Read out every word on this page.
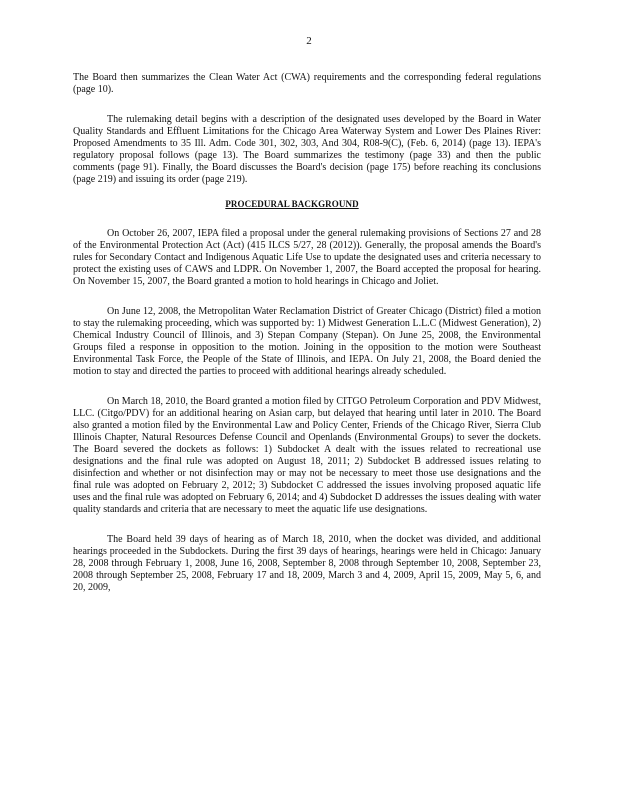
2

The Board then summarizes the Clean Water Act (CWA) requirements and the corresponding federal regulations (page 10).

The rulemaking detail begins with a description of the designated uses developed by the Board in Water Quality Standards and Effluent Limitations for the Chicago Area Waterway System and Lower Des Plaines River: Proposed Amendments to 35 Ill. Adm. Code 301, 302, 303, And 304, R08-9(C), (Feb. 6, 2014) (page 13). IEPA's regulatory proposal follows (page 13). The Board summarizes the testimony (page 33) and then the public comments (page 91). Finally, the Board discusses the Board's decision (page 175) before reaching its conclusions (page 219) and issuing its order (page 219).

PROCEDURAL BACKGROUND

On October 26, 2007, IEPA filed a proposal under the general rulemaking provisions of Sections 27 and 28 of the Environmental Protection Act (Act) (415 ILCS 5/27, 28 (2012)). Generally, the proposal amends the Board's rules for Secondary Contact and Indigenous Aquatic Life Use to update the designated uses and criteria necessary to protect the existing uses of CAWS and LDPR. On November 1, 2007, the Board accepted the proposal for hearing. On November 15, 2007, the Board granted a motion to hold hearings in Chicago and Joliet.

On June 12, 2008, the Metropolitan Water Reclamation District of Greater Chicago (District) filed a motion to stay the rulemaking proceeding, which was supported by: 1) Midwest Generation L.L.C (Midwest Generation), 2) Chemical Industry Council of Illinois, and 3) Stepan Company (Stepan). On June 25, 2008, the Environmental Groups filed a response in opposition to the motion. Joining in the opposition to the motion were Southeast Environmental Task Force, the People of the State of Illinois, and IEPA. On July 21, 2008, the Board denied the motion to stay and directed the parties to proceed with additional hearings already scheduled.

On March 18, 2010, the Board granted a motion filed by CITGO Petroleum Corporation and PDV Midwest, LLC. (Citgo/PDV) for an additional hearing on Asian carp, but delayed that hearing until later in 2010. The Board also granted a motion filed by the Environmental Law and Policy Center, Friends of the Chicago River, Sierra Club Illinois Chapter, Natural Resources Defense Council and Openlands (Environmental Groups) to sever the dockets. The Board severed the dockets as follows: 1) Subdocket A dealt with the issues related to recreational use designations and the final rule was adopted on August 18, 2011; 2) Subdocket B addressed issues relating to disinfection and whether or not disinfection may or may not be necessary to meet those use designations and the final rule was adopted on February 2, 2012; 3) Subdocket C addressed the issues involving proposed aquatic life uses and the final rule was adopted on February 6, 2014; and 4) Subdocket D addresses the issues dealing with water quality standards and criteria that are necessary to meet the aquatic life use designations.

The Board held 39 days of hearing as of March 18, 2010, when the docket was divided, and additional hearings proceeded in the Subdockets. During the first 39 days of hearings, hearings were held in Chicago: January 28, 2008 through February 1, 2008, June 16, 2008, September 8, 2008 through September 10, 2008, September 23, 2008 through September 25, 2008, February 17 and 18, 2009, March 3 and 4, 2009, April 15, 2009, May 5, 6, and 20, 2009,
